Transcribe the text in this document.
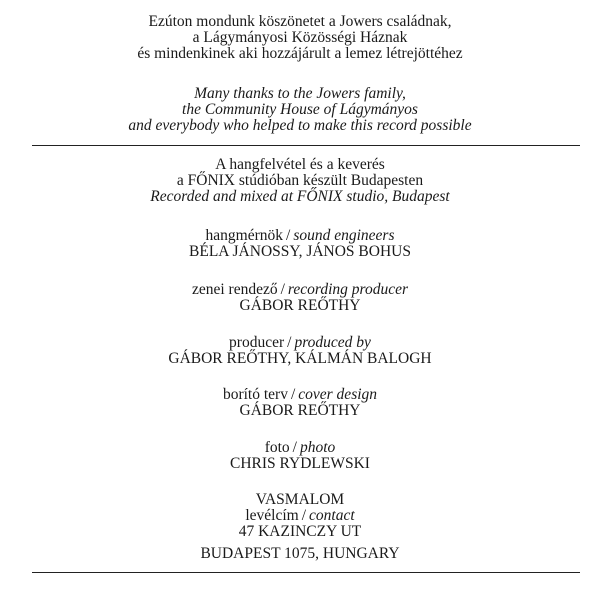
Ezúton mondunk köszönetet a Jowers családnak,
a Lágymányosi Közösségi Háznak
és mindenkinek aki hozzájárult a lemez létrejöttéhez
Many thanks to the Jowers family,
the Community House of Lágymányos
and everybody who helped to make this record possible
A hangfelvétel és a keverés
a FŐNIX stúdióban készült Budapesten
Recorded and mixed at FŐNIX studio, Budapest
hangmérnök / sound engineers
BÉLA JÁNOSSY, JÁNOS BOHUS
zenei rendező / recording producer
GÁBOR REŐTHY
producer / produced by
GÁBOR REŐTHY, KÁLMÁN BALOGH
borító terv / cover design
GÁBOR REŐTHY
foto / photo
CHRIS RYDLEWSKI
VASMALOM
levélcím / contact
47 KAZINCZY UT
BUDAPEST 1075, HUNGARY
